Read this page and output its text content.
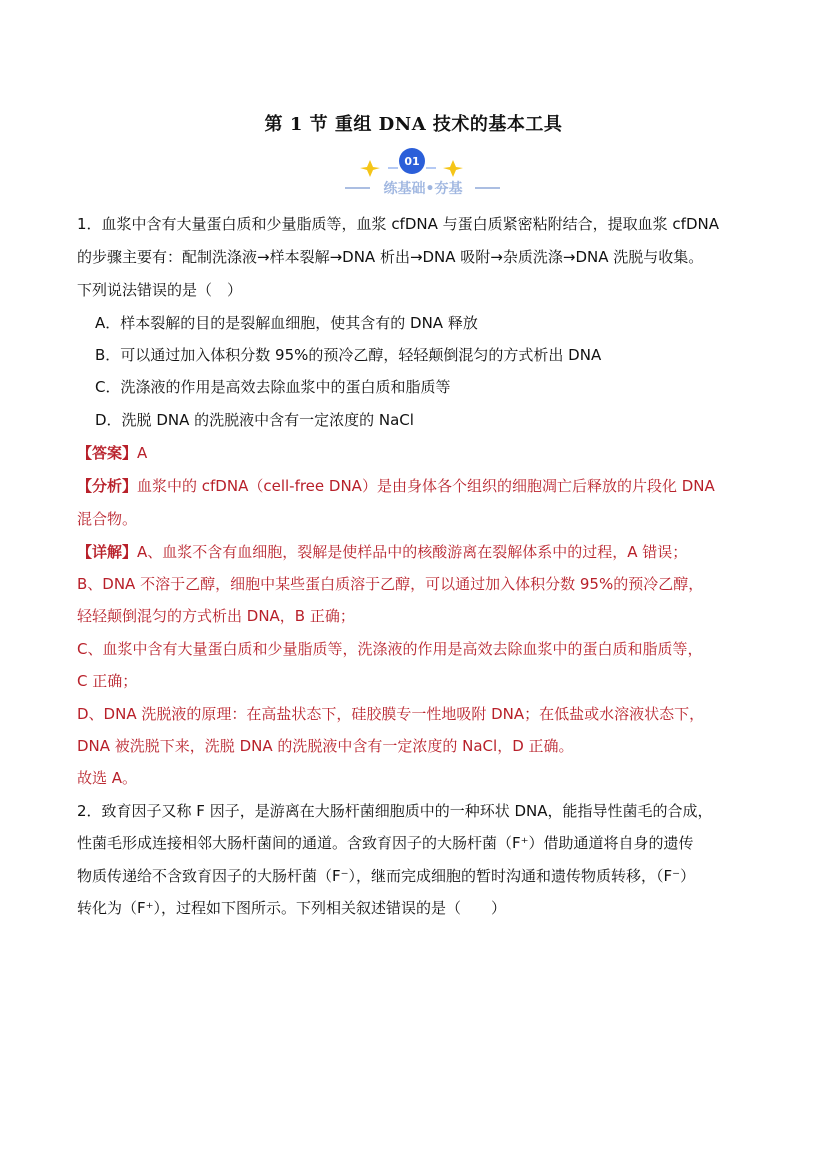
第 1 节 重组 DNA 技术的基本工具
01
练基础•夯基
1．血浆中含有大量蛋白质和少量脂质等，血浆 cfDNA 与蛋白质紧密粘附结合，提取血浆 cfDNA
的步骤主要有：配制洗涤液→样本裂解→DNA 析出→DNA 吸附→杂质洗涤→DNA 洗脱与收集。
下列说法错误的是（　）
A．样本裂解的目的是裂解血细胞，使其含有的 DNA 释放
B．可以通过加入体积分数 95%的预冷乙醇，轻轻颠倒混匀的方式析出 DNA
C．洗涤液的作用是高效去除血浆中的蛋白质和脂质等
D．洗脱 DNA 的洗脱液中含有一定浓度的 NaCl
【答案】A
【分析】血浆中的 cfDNA（cell-free DNA）是由身体各个组织的细胞凋亡后释放的片段化 DNA
混合物。
【详解】A、血浆不含有血细胞，裂解是使样品中的核酸游离在裂解体系中的过程，A 错误；
B、DNA 不溶于乙醇，细胞中某些蛋白质溶于乙醇，可以通过加入体积分数 95%的预冷乙醇，
轻轻颠倒混匀的方式析出 DNA，B 正确；
C、血浆中含有大量蛋白质和少量脂质等，洗涤液的作用是高效去除血浆中的蛋白质和脂质等，
C 正确；
D、DNA 洗脱液的原理：在高盐状态下，硅胶膜专一性地吸附 DNA；在低盐或水溶液状态下，
DNA 被洗脱下来，洗脱 DNA 的洗脱液中含有一定浓度的 NaCl，D 正确。
故选 A。
2．致育因子又称 F 因子，是游离在大肠杆菌细胞质中的一种环状 DNA，能指导性菌毛的合成，
性菌毛形成连接相邻大肠杆菌间的通道。含致育因子的大肠杆菌（F⁺）借助通道将自身的遗传
物质传递给不含致育因子的大肠杆菌（F⁻），继而完成细胞的暂时沟通和遗传物质转移，（F⁻）
转化为（F⁺），过程如下图所示。下列相关叙述错误的是（　　）
